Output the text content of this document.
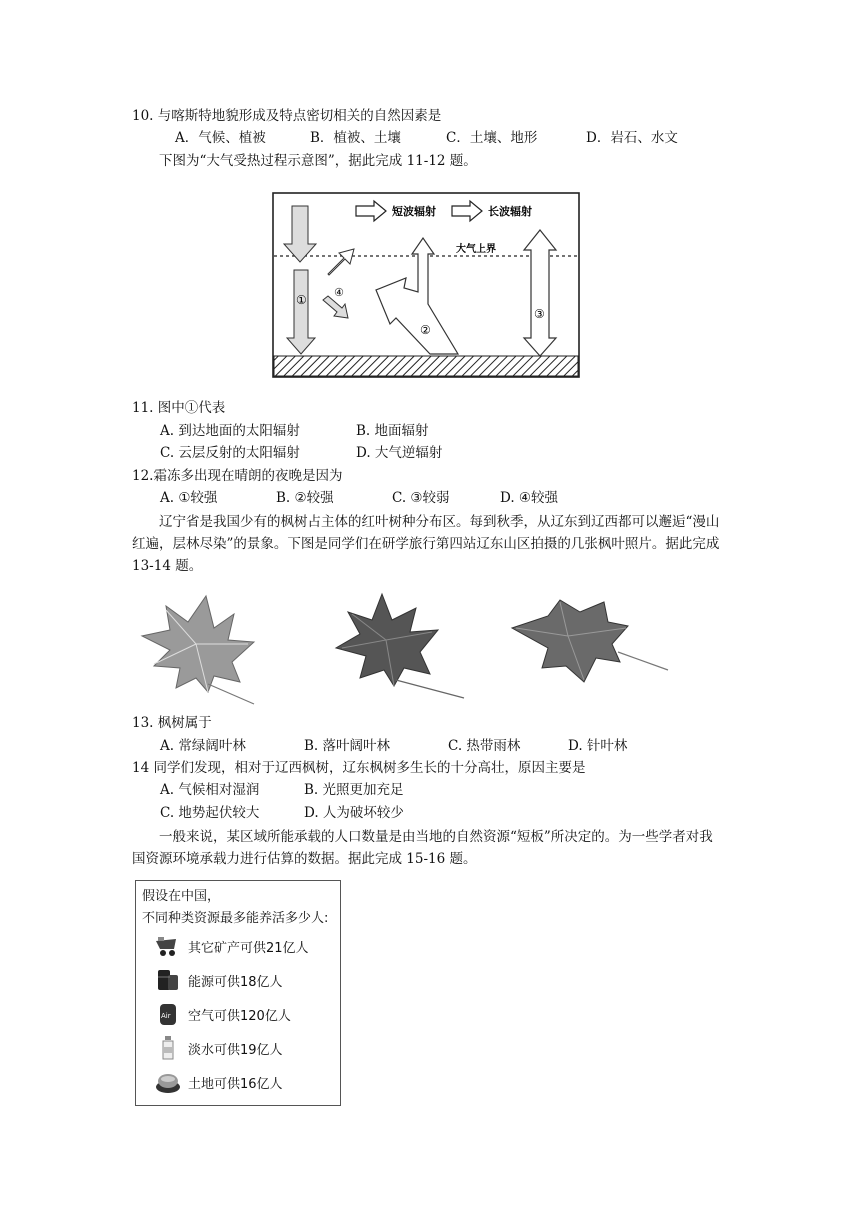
10. 与喀斯特地貌形成及特点密切相关的自然因素是
A．气候、植被	B．植被、土壤	C．土壤、地形	D．岩石、水文
下图为“大气受热过程示意图”，据此完成 11-12 题。
短波辐射	长波辐射
大气上界
①
④
②
③
11. 图中①代表
A. 到达地面的太阳辐射	B. 地面辐射
C. 云层反射的太阳辐射	D. 大气逆辐射
12.霜冻多出现在晴朗的夜晚是因为
A. ①较强	B. ②较强	C. ③较弱	D. ④较强
辽宁省是我国少有的枫树占主体的红叶树种分布区。每到秋季，从辽东到辽西都可以邂逅“漫山红遍，层林尽染”的景象。下图是同学们在研学旅行第四站辽东山区拍摄的几张枫叶照片。据此完成 13-14 题。
13. 枫树属于
A. 常绿阔叶林	B. 落叶阔叶林	C. 热带雨林	D. 针叶林
14 同学们发现，相对于辽西枫树，辽东枫树多生长的十分高壮，原因主要是
A. 气候相对湿润	B. 光照更加充足
C. 地势起伏较大	D. 人为破坏较少
一般来说，某区域所能承载的人口数量是由当地的自然资源“短板”所决定的。为一些学者对我国资源环境承载力进行估算的数据。据此完成 15-16 题。
假设在中国，
不同种类资源最多能养活多少人:
其它矿产可供21亿人
能源可供18亿人
Air 空气可供120亿人
淡水可供19亿人
土地可供16亿人
